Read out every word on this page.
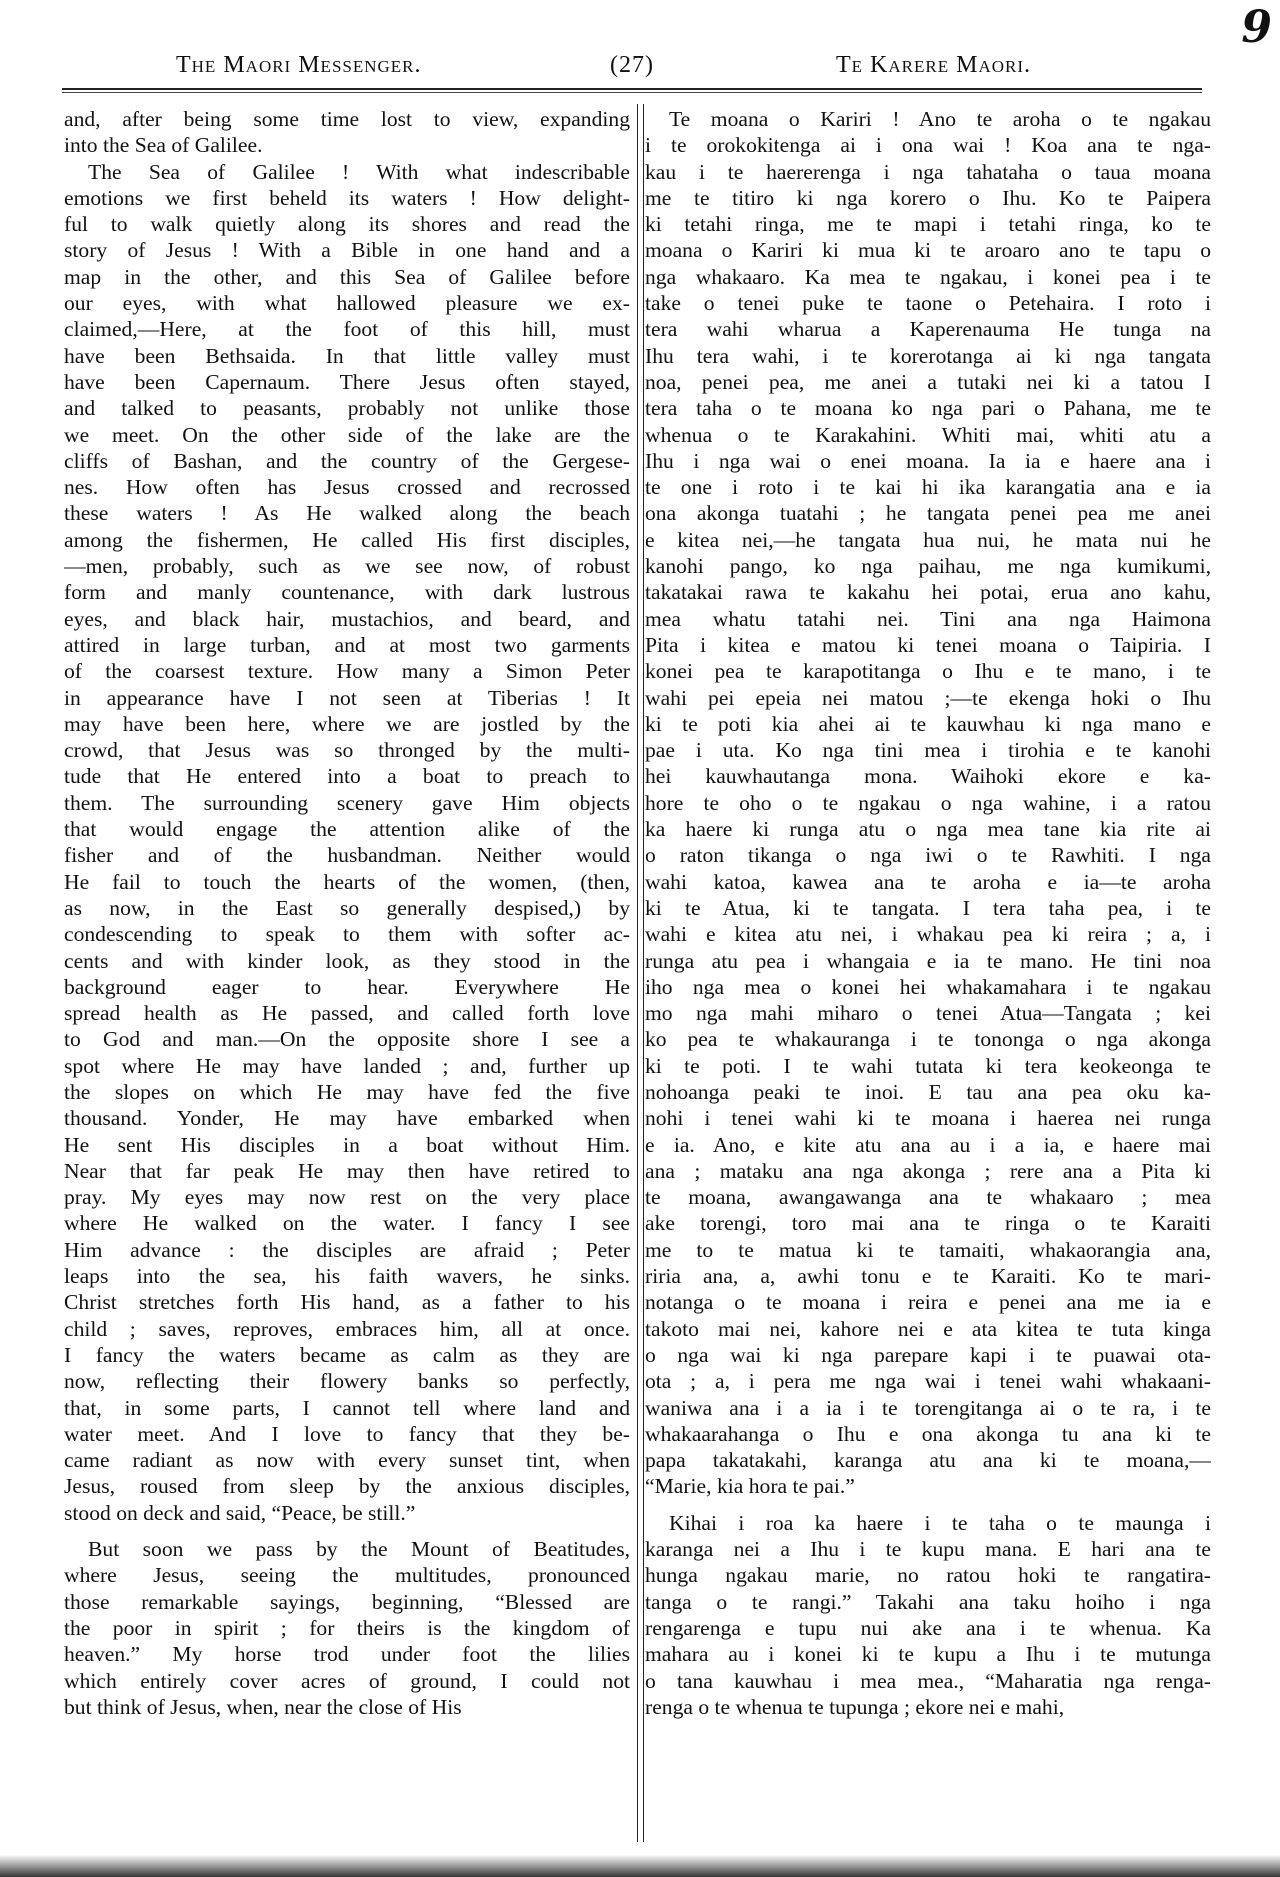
9
The Maori Messenger.	(27)	Te Karere Maori.
and, after being some time lost to view, expanding
into the Sea of Galilee.
The Sea of Galilee ! With what indescribable
emotions we first beheld its waters ! How delight-
ful to walk quietly along its shores and read the
story of Jesus ! With a Bible in one hand and a
map in the other, and this Sea of Galilee before
our eyes, with what hallowed pleasure we ex-
claimed,—Here, at the foot of this hill, must
have been Bethsaida. In that little valley must
have been Capernaum. There Jesus often stayed,
and talked to peasants, probably not unlike those
we meet. On the other side of the lake are the
cliffs of Bashan, and the country of the Gergese-
nes. How often has Jesus crossed and recrossed
these waters ! As He walked along the beach
among the fishermen, He called His first disciples,
—men, probably, such as we see now, of robust
form and manly countenance, with dark lustrous
eyes, and black hair, mustachios, and beard, and
attired in large turban, and at most two garments
of the coarsest texture. How many a Simon Peter
in appearance have I not seen at Tiberias ! It
may have been here, where we are jostled by the
crowd, that Jesus was so thronged by the multi-
tude that He entered into a boat to preach to
them. The surrounding scenery gave Him objects
that would engage the attention alike of the
fisher and of the husbandman. Neither would
He fail to touch the hearts of the women, (then,
as now, in the East so generally despised,) by
condescending to speak to them with softer ac-
cents and with kinder look, as they stood in the
background eager to hear. Everywhere He
spread health as He passed, and called forth love
to God and man.—On the opposite shore I see a
spot where He may have landed ; and, further up
the slopes on which He may have fed the five
thousand. Yonder, He may have embarked when
He sent His disciples in a boat without Him.
Near that far peak He may then have retired to
pray. My eyes may now rest on the very place
where He walked on the water. I fancy I see
Him advance : the disciples are afraid ; Peter
leaps into the sea, his faith wavers, he sinks.
Christ stretches forth His hand, as a father to his
child ; saves, reproves, embraces him, all at once.
I fancy the waters became as calm as they are
now, reflecting their flowery banks so perfectly,
that, in some parts, I cannot tell where land and
water meet. And I love to fancy that they be-
came radiant as now with every sunset tint, when
Jesus, roused from sleep by the anxious disciples,
stood on deck and said, “Peace, be still.”
But soon we pass by the Mount of Beatitudes,
where Jesus, seeing the multitudes, pronounced
those remarkable sayings, beginning, “Blessed are
the poor in spirit ; for theirs is the kingdom of
heaven.” My horse trod under foot the lilies
which entirely cover acres of ground, I could not
but think of Jesus, when, near the close of His
Te moana o Kariri ! Ano te aroha o te ngakau
i te orokokitenga ai i ona wai ! Koa ana te nga-
kau i te haererenga i nga tahataha o taua moana
me te titiro ki nga korero o Ihu. Ko te Paipera
ki tetahi ringa, me te mapi i tetahi ringa, ko te
moana o Kariri ki mua ki te aroaro ano te tapu o
nga whakaaro. Ka mea te ngakau, i konei pea i te
take o tenei puke te taone o Petehaira. I roto i
tera wahi wharua a Kaperenauma He tunga na
Ihu tera wahi, i te korerotanga ai ki nga tangata
noa, penei pea, me anei a tutaki nei ki a tatou I
tera taha o te moana ko nga pari o Pahana, me te
whenua o te Karakahini. Whiti mai, whiti atu a
Ihu i nga wai o enei moana. Ia ia e haere ana i
te one i roto i te kai hi ika karangatia ana e ia
ona akonga tuatahi ; he tangata penei pea me anei
e kitea nei,—he tangata hua nui, he mata nui he
kanohi pango, ko nga paihau, me nga kumikumi,
takatakai rawa te kakahu hei potai, erua ano kahu,
mea whatu tatahi nei. Tini ana nga Haimona
Pita i kitea e matou ki tenei moana o Taipiria. I
konei pea te karapotitanga o Ihu e te mano, i te
wahi pei epeia nei matou ;—te ekenga hoki o Ihu
ki te poti kia ahei ai te kauwhau ki nga mano e
pae i uta. Ko nga tini mea i tirohia e te kanohi
hei kauwhautanga mona. Waihoki ekore e ka-
hore te oho o te ngakau o nga wahine, i a ratou
ka haere ki runga atu o nga mea tane kia rite ai
o raton tikanga o nga iwi o te Rawhiti. I nga
wahi katoa, kawea ana te aroha e ia—te aroha
ki te Atua, ki te tangata. I tera taha pea, i te
wahi e kitea atu nei, i whakau pea ki reira ; a, i
runga atu pea i whangaia e ia te mano. He tini noa
iho nga mea o konei hei whakamahara i te ngakau
mo nga mahi miharo o tenei Atua—Tangata ; kei
ko pea te whakauranga i te tononga o nga akonga
ki te poti. I te wahi tutata ki tera keokeonga te
nohoanga peaki te inoi. E tau ana pea oku ka-
nohi i tenei wahi ki te moana i haerea nei runga
e ia. Ano, e kite atu ana au i a ia, e haere mai
ana ; mataku ana nga akonga ; rere ana a Pita ki
te moana, awangawanga ana te whakaaro ; mea
ake torengi, toro mai ana te ringa o te Karaiti
me to te matua ki te tamaiti, whakaorangia ana,
riria ana, a, awhi tonu e te Karaiti. Ko te mari-
notanga o te moana i reira e penei ana me ia e
takoto mai nei, kahore nei e ata kitea te tuta kinga
o nga wai ki nga parepare kapi i te puawai ota-
ota ; a, i pera me nga wai i tenei wahi whakaani-
waniwa ana i a ia i te torengitanga ai o te ra, i te
whakaarahanga o Ihu e ona akonga tu ana ki te
papa takatakahi, karanga atu ana ki te moana,—
“Marie, kia hora te pai.”
Kihai i roa ka haere i te taha o te maunga i
karanga nei a Ihu i te kupu mana. E hari ana te
hunga ngakau marie, no ratou hoki te rangatira-
tanga o te rangi.” Takahi ana taku hoiho i nga
rengarenga e tupu nui ake ana i te whenua. Ka
mahara au i konei ki te kupu a Ihu i te mutunga
o tana kauwhau i mea mea., “Maharatia nga renga-
renga o te whenua te tupunga ; ekore nei e mahi,
